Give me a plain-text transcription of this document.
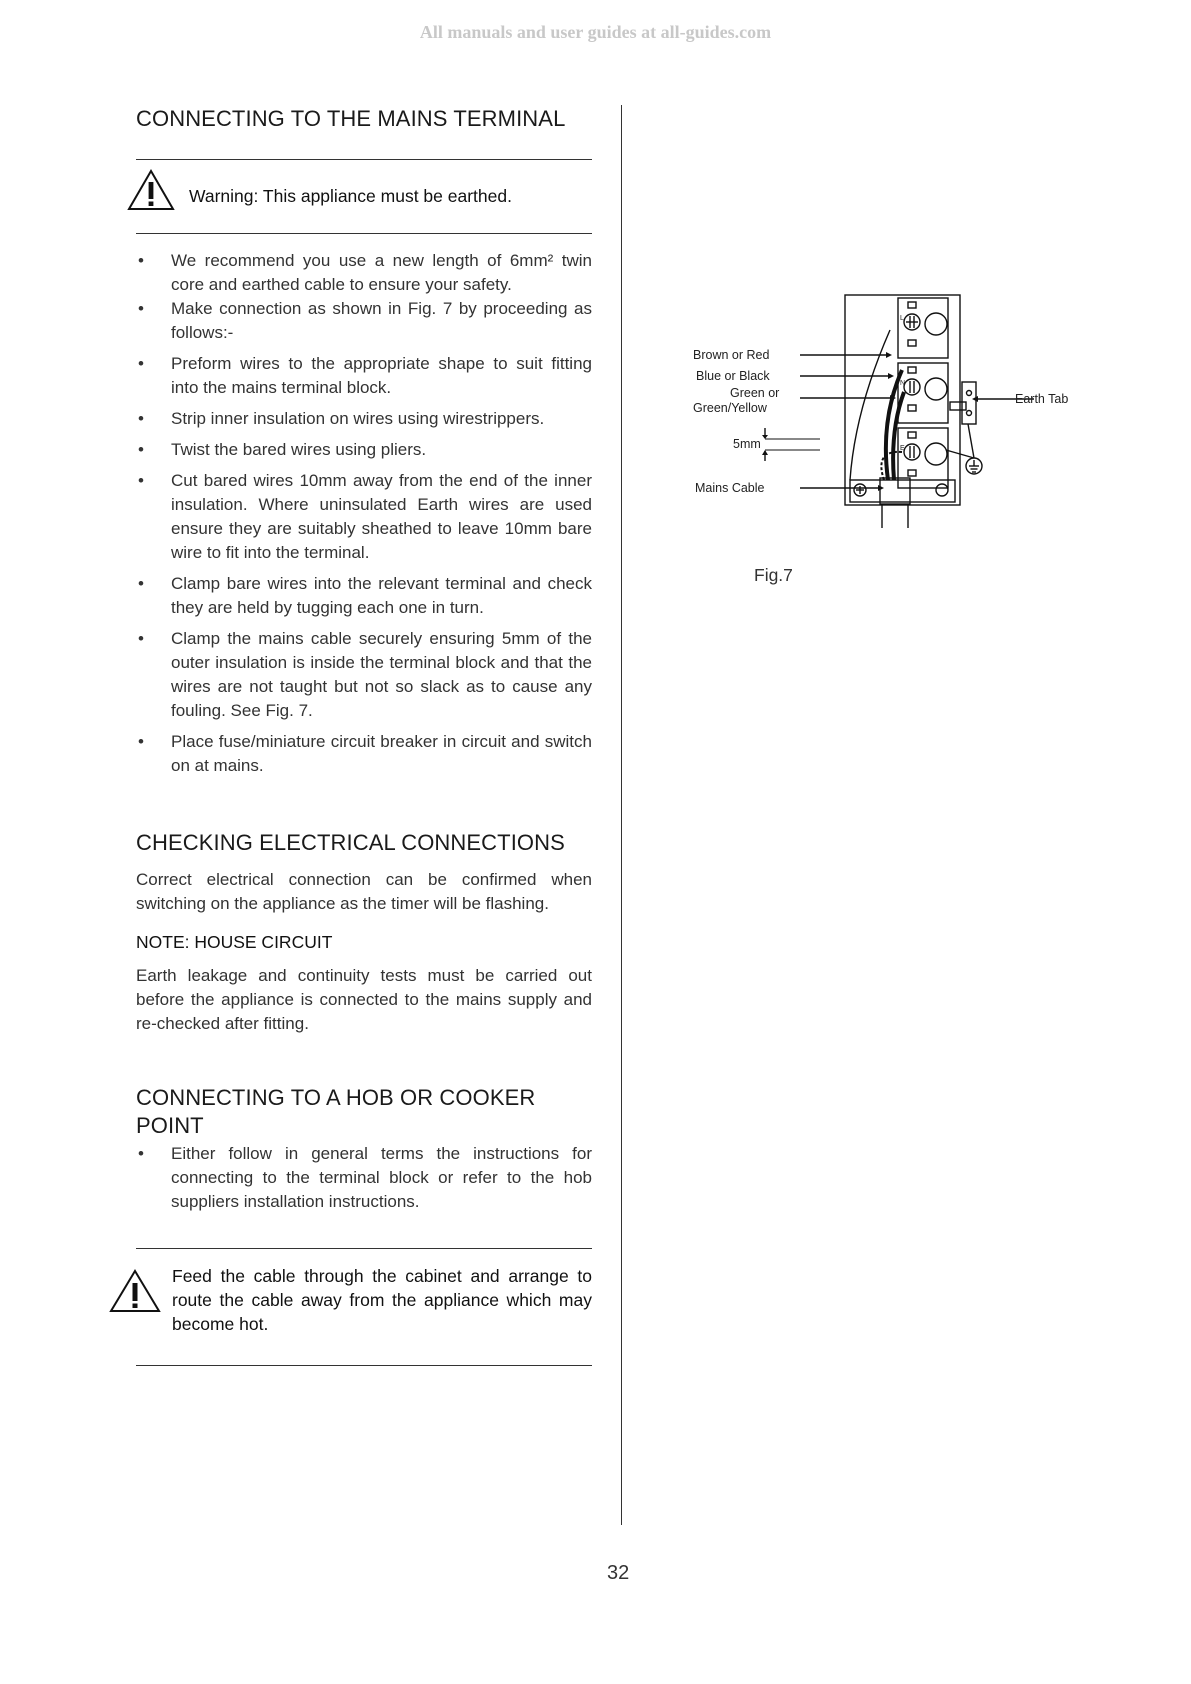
All manuals and user guides at all-guides.com
CONNECTING TO THE MAINS TERMINAL
Warning: This appliance must be earthed.
• We recommend you use a new length of 6mm² twin core and earthed cable to ensure your safety.
• Make connection as shown in Fig. 7 by proceeding as follows:-
• Preform wires to the appropriate shape to suit fitting into the mains terminal block.
• Strip inner insulation on wires using wirestrippers.
• Twist the bared wires using pliers.
• Cut bared wires 10mm away from the end of the inner insulation. Where uninsulated Earth wires are used ensure they are suitably sheathed to leave 10mm bare wire to fit into the terminal.
• Clamp bare wires into the relevant terminal and check they are held by tugging each one in turn.
• Clamp the mains cable securely ensuring 5mm of the outer insulation is inside the terminal block and that the wires are not taught but not so slack as to cause any fouling. See Fig. 7.
• Place fuse/miniature circuit breaker in circuit and switch on at mains.
CHECKING ELECTRICAL CONNECTIONS

Correct electrical connection can be confirmed when switching on the appliance as the timer will be flashing.

NOTE: HOUSE CIRCUIT

Earth leakage and continuity tests must be carried out before the appliance is connected to the mains supply and re-checked after fitting.

CONNECTING TO A HOB OR COOKER
POINT
• Either follow in general terms the instructions for connecting to the terminal block or refer to the hob suppliers installation instructions.

Feed the cable through the cabinet and arrange to route the cable away from the appliance which may become hot.

Brown or Red
Blue or Black
Green or
Green/Yellow
5mm
Mains Cable
Earth Tab
L
N
E
Fig.7
32
